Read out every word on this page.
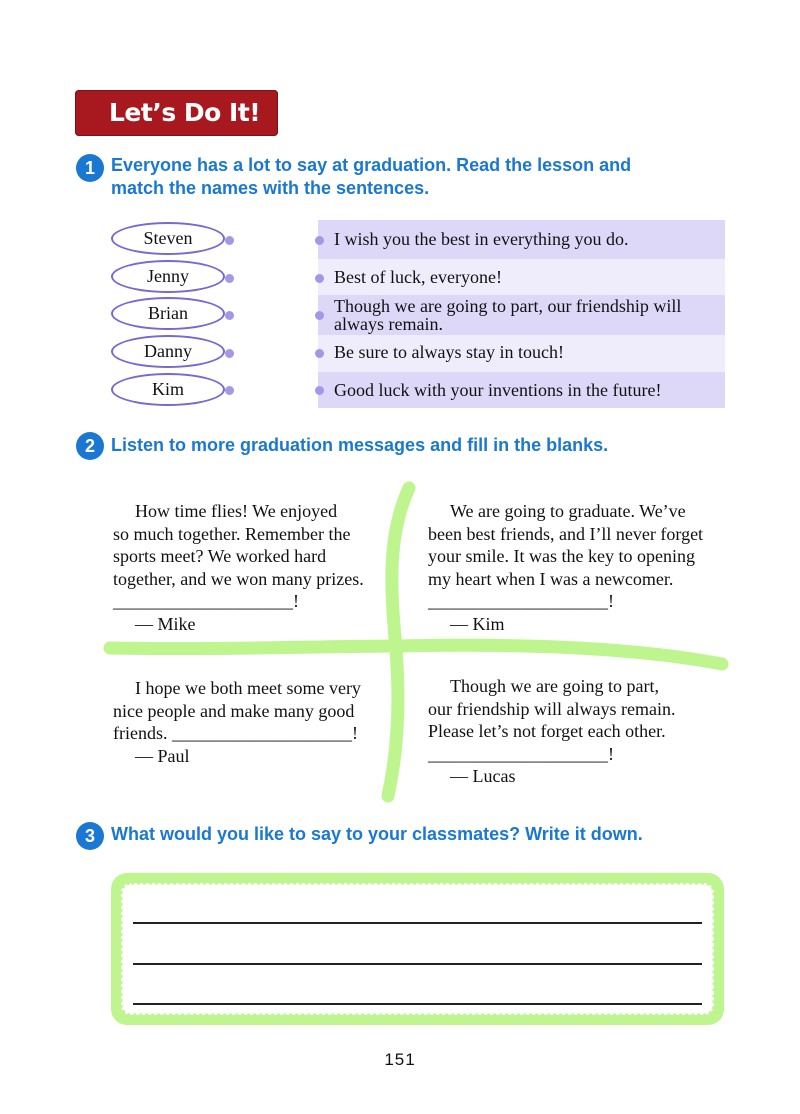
Let’s Do It!
1 Everyone has a lot to say at graduation. Read the lesson and
match the names with the sentences.
Steven
Jenny
Brian
Danny
Kim
I wish you the best in everything you do.
Best of luck, everyone!
Though we are going to part, our friendship will
always remain.
Be sure to always stay in touch!
Good luck with your inventions in the future!
2 Listen to more graduation messages and fill in the blanks.
How time flies! We enjoyed
so much together. Remember the
sports meet? We worked hard
together, and we won many prizes.
____________________!
— Mike
We are going to graduate. We’ve
been best friends, and I’ll never forget
your smile. It was the key to opening
my heart when I was a newcomer.
____________________!
— Kim
I hope we both meet some very
nice people and make many good
friends. ____________________!
— Paul
Though we are going to part,
our friendship will always remain.
Please let’s not forget each other.
____________________!
— Lucas
3 What would you like to say to your classmates? Write it down.
151
